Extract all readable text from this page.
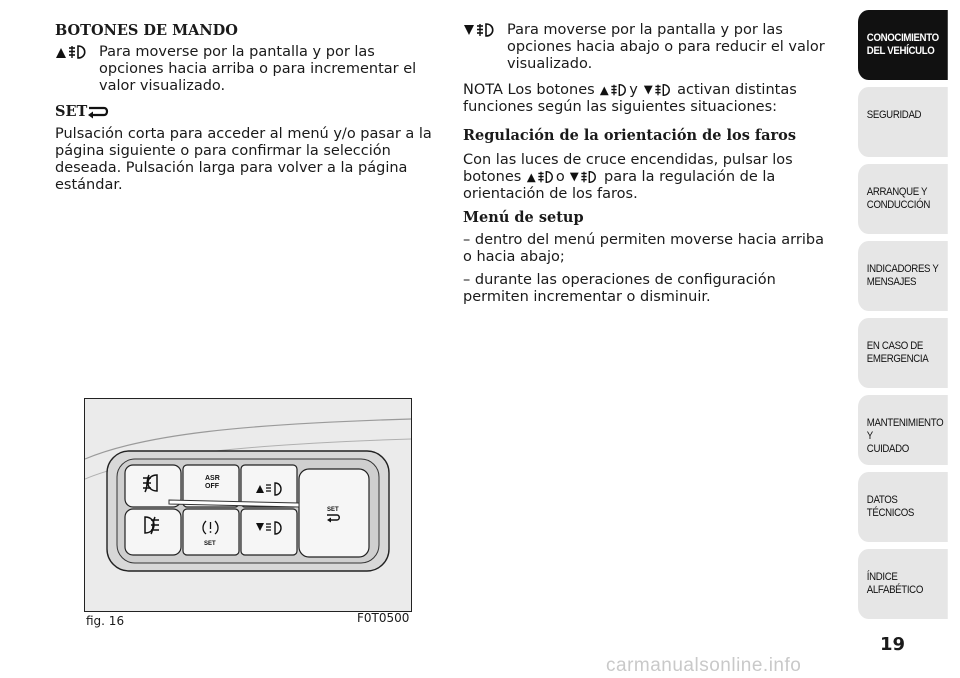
BOTONES DE MANDO

Para moverse por la pantalla y por las opciones hacia arriba o para incrementar el valor visualizado.

SET

Pulsación corta para acceder al menú y/o pasar a la página siguiente o para confirmar la selección deseada. Pulsación larga para volver a la página estándar.

Para moverse por la pantalla y por las opciones hacia abajo o para reducir el valor visualizado.

NOTA Los botones y	activan distintas funciones según las siguientes situaciones:

Regulación de la orientación de los faros

Con las luces de cruce encendidas, pulsar los botones o	para la regulación de la orientación de los faros.

Menú de setup

– dentro del menú permiten moverse hacia arriba o hacia abajo;

– durante las operaciones de configuración permiten incrementar o disminuir.

ASR
OFF
SET
SET
fig. 16	F0T0500
CONOCIMIENTO
DEL VEHÍCULO
SEGURIDAD
ARRANQUE Y
CONDUCCIÓN
INDICADORES Y
MENSAJES
EN CASO DE
EMERGENCIA
MANTENIMIENTO Y
CUIDADO
DATOS TÉCNICOS
ÍNDICE ALFABÉTICO
19
carmanualsonline.info
